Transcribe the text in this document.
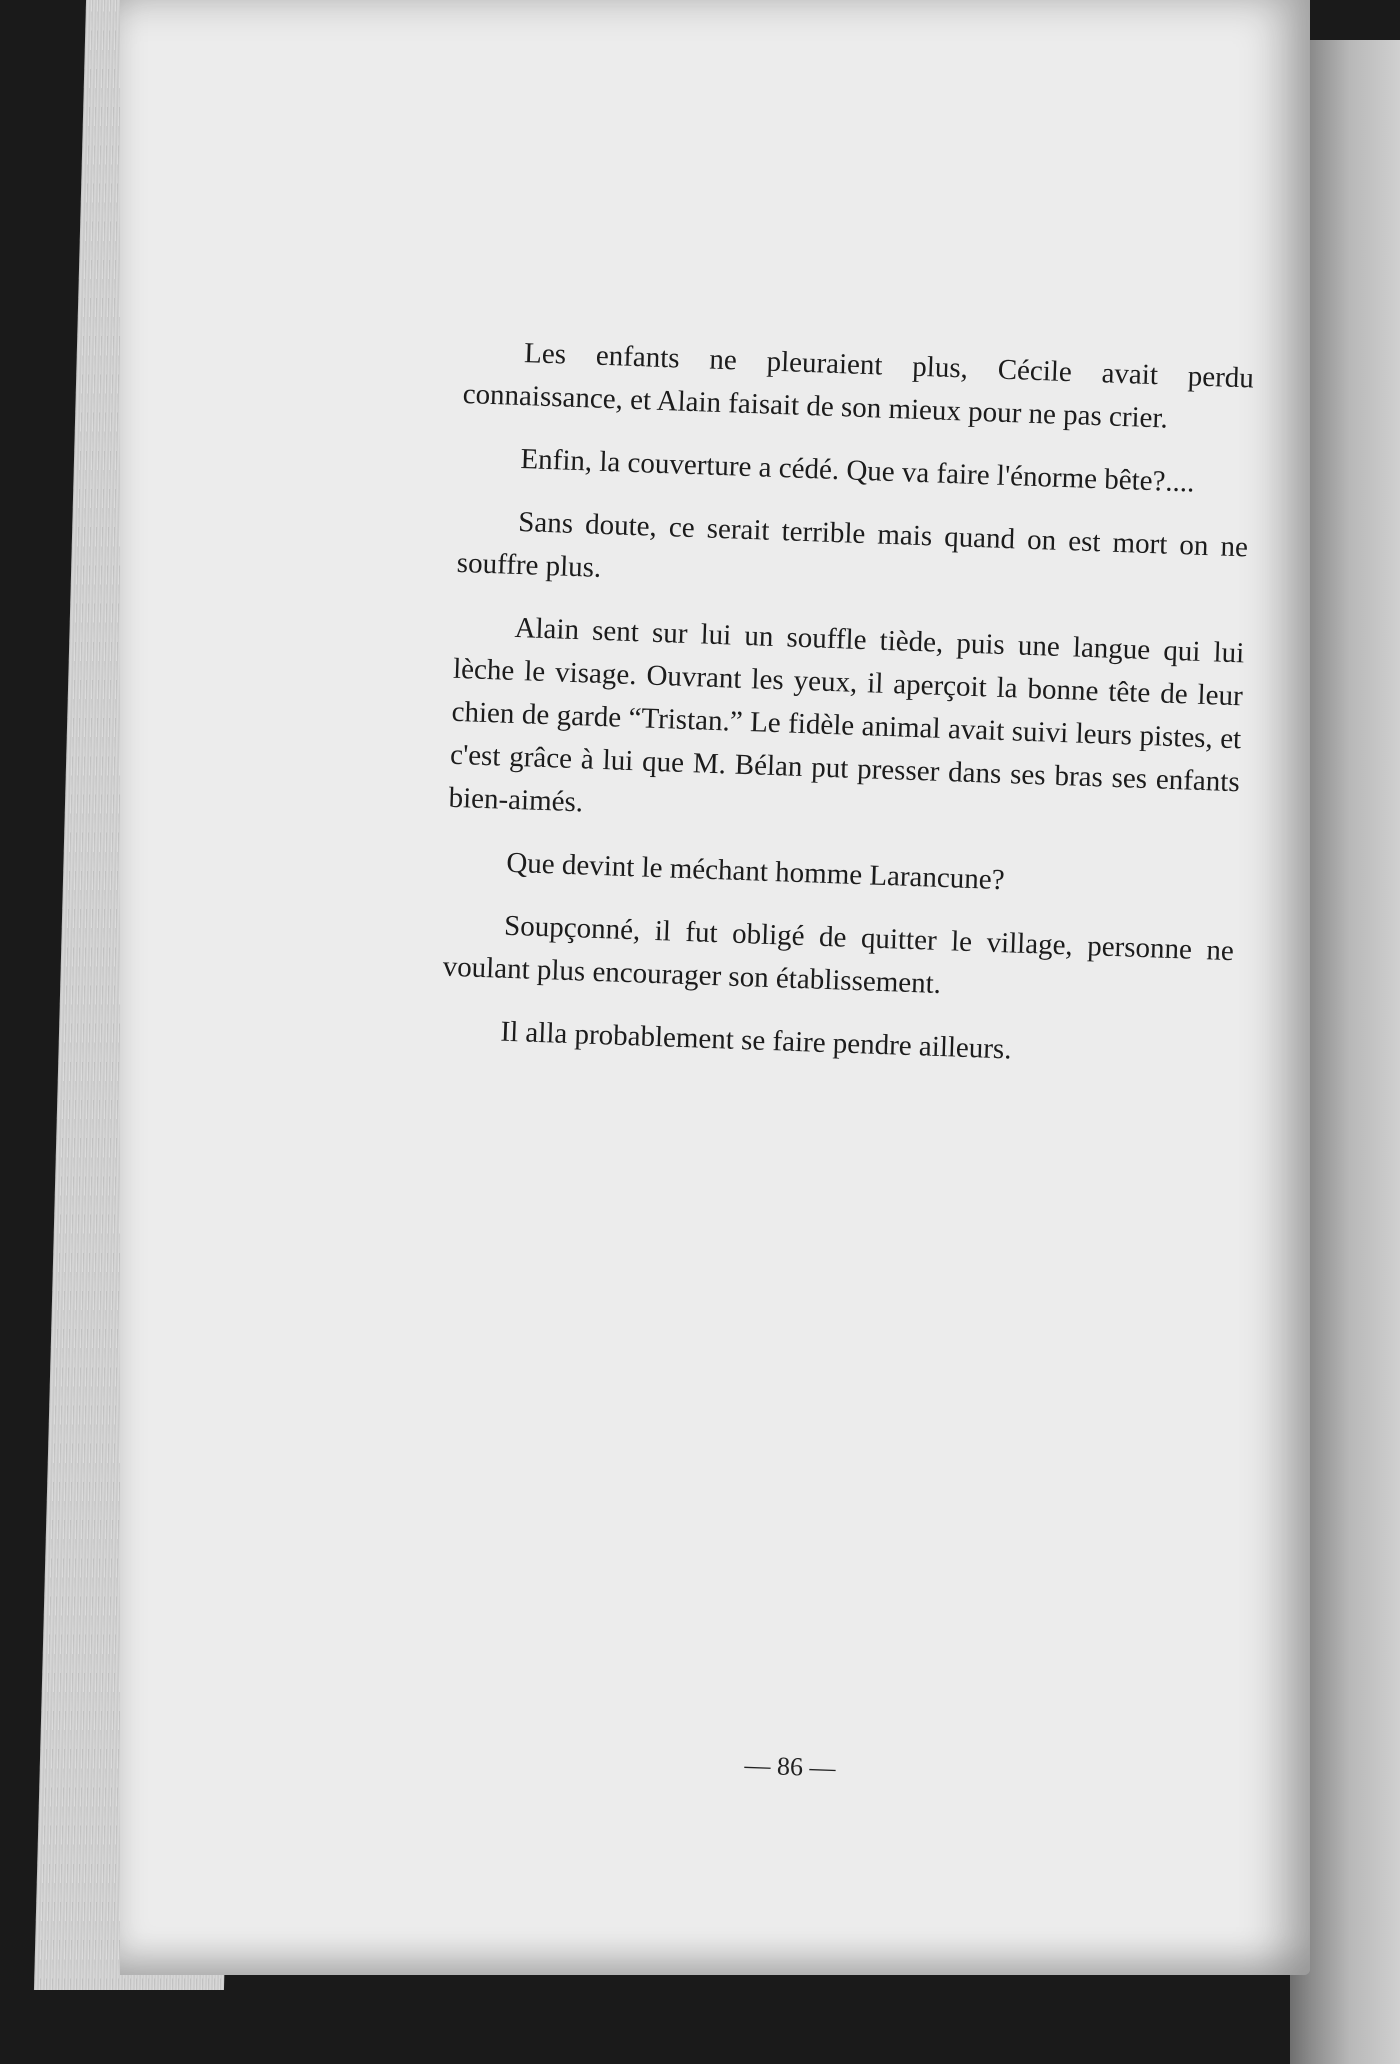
Les enfants ne pleuraient plus, Cécile avait perdu connaissance, et Alain faisait de son mieux pour ne pas crier.

Enfin, la couverture a cédé. Que va faire l'énorme bête?....

Sans doute, ce serait terrible mais quand on est mort on ne souffre plus.

Alain sent sur lui un souffle tiède, puis une langue qui lui lèche le visage. Ouvrant les yeux, il aperçoit la bonne tête de leur chien de garde “Tristan.” Le fidèle animal avait suivi leurs pistes, et c'est grâce à lui que M. Bélan put presser dans ses bras ses enfants bien-aimés.

Que devint le méchant homme Larancune?

Soupçonné, il fut obligé de quitter le village, personne ne voulant plus encourager son établissement.

Il alla probablement se faire pendre ailleurs.

— 86 —
